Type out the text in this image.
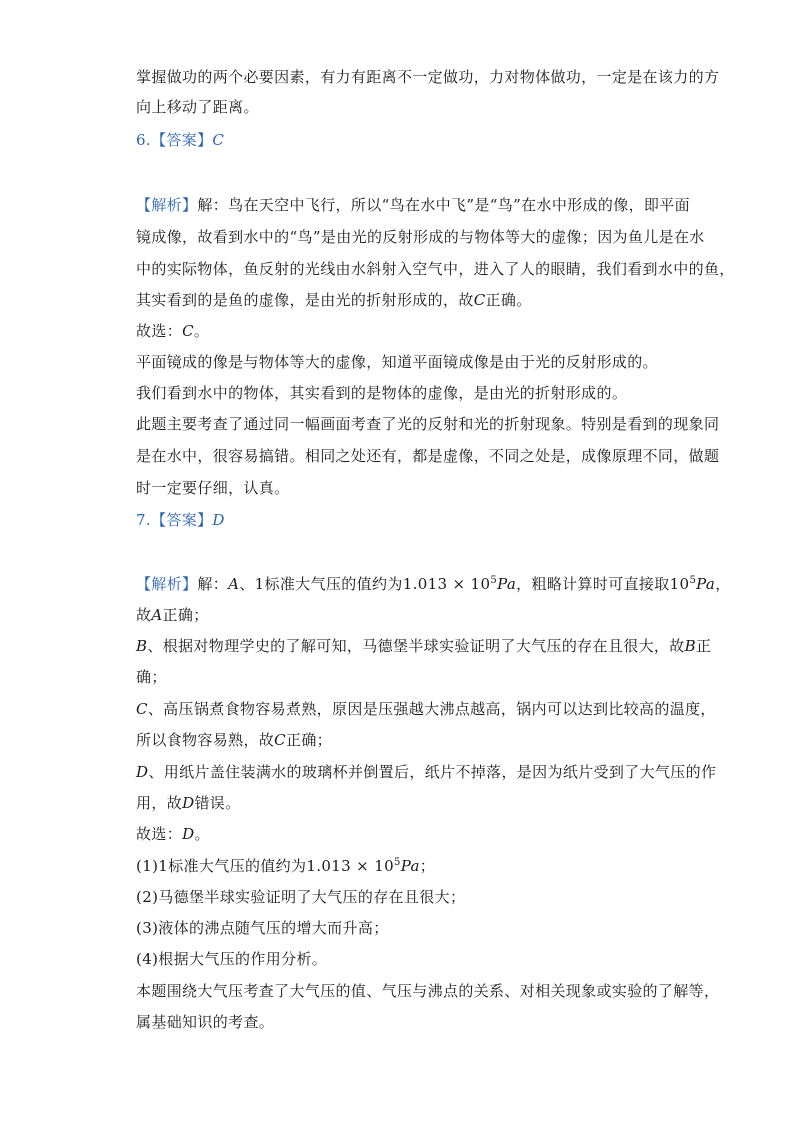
掌握做功的两个必要因素，有力有距离不一定做功，力对物体做功，一定是在该力的方
向上移动了距离。
6.【答案】C
【解析】解：鸟在天空中飞行，所以“鸟在水中飞”是“鸟”在水中形成的像，即平面
镜成像，故看到水中的“鸟”是由光的反射形成的与物体等大的虚像；因为鱼儿是在水
中的实际物体，鱼反射的光线由水斜射入空气中，进入了人的眼睛，我们看到水中的鱼，
其实看到的是鱼的虚像，是由光的折射形成的，故C正确。
故选：C。
平面镜成的像是与物体等大的虚像，知道平面镜成像是由于光的反射形成的。
我们看到水中的物体，其实看到的是物体的虚像，是由光的折射形成的。
此题主要考查了通过同一幅画面考查了光的反射和光的折射现象。特别是看到的现象同
是在水中，很容易搞错。相同之处还有，都是虚像，不同之处是，成像原理不同，做题
时一定要仔细，认真。
7.【答案】D
【解析】解：A、1标准大气压的值约为$1.013 \times 10^5Pa$，粗略计算时可直接取$10^5Pa$，
故A正确；
B、根据对物理学史的了解可知，马德堡半球实验证明了大气压的存在且很大，故B正
确；
C、高压锅煮食物容易煮熟，原因是压强越大沸点越高，锅内可以达到比较高的温度，
所以食物容易熟，故C正确；
D、用纸片盖住装满水的玻璃杯并倒置后，纸片不掉落，是因为纸片受到了大气压的作
用，故D错误。
故选：D。
(1)1标准大气压的值约为$1.013 \times 10^5Pa$；
(2)马德堡半球实验证明了大气压的存在且很大；
(3)液体的沸点随气压的增大而升高；
(4)根据大气压的作用分析。
本题围绕大气压考查了大气压的值、气压与沸点的关系、对相关现象或实验的了解等，
属基础知识的考查。
